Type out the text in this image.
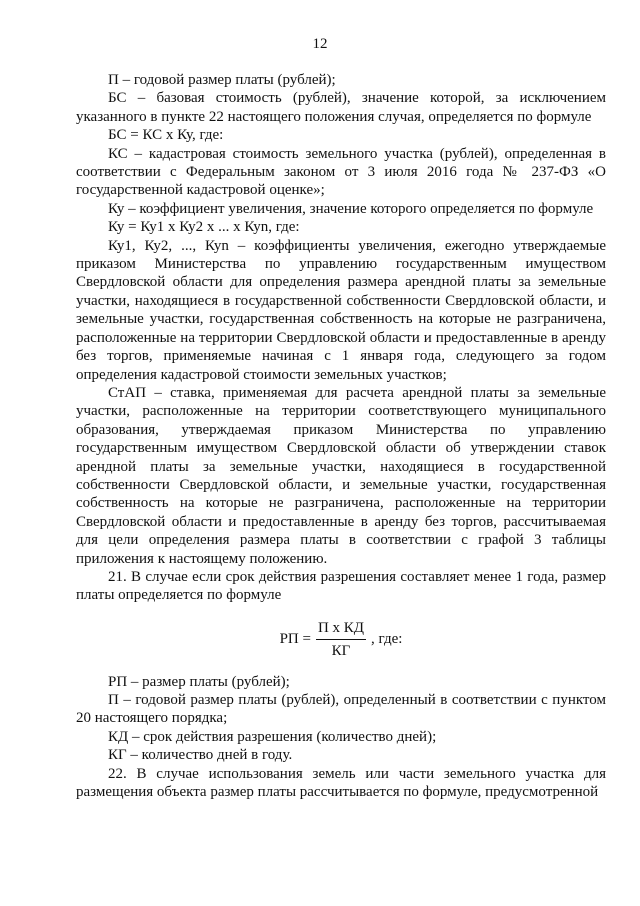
12

П – годовой размер платы (рублей);

БС – базовая стоимость (рублей), значение которой, за исключением указанного в пункте 22 настоящего положения случая, определяется по формуле

БС = КС х Ку, где:

КС – кадастровая стоимость земельного участка (рублей), определенная в соответствии с Федеральным законом от 3 июля 2016 года № 237-ФЗ «О государственной кадастровой оценке»;

Ку – коэффициент увеличения, значение которого определяется по формуле

Ку = Ку1 х Ку2 х ... х Куn, где:

Ку1, Ку2, ..., Куn – коэффициенты увеличения, ежегодно утверждаемые приказом Министерства по управлению государственным имуществом Свердловской области для определения размера арендной платы за земельные участки, находящиеся в государственной собственности Свердловской области, и земельные участки, государственная собственность на которые не разграничена, расположенные на территории Свердловской области и предоставленные в аренду без торгов, применяемые начиная с 1 января года, следующего за годом определения кадастровой стоимости земельных участков;

СтАП – ставка, применяемая для расчета арендной платы за земельные участки, расположенные на территории соответствующего муниципального образования, утверждаемая приказом Министерства по управлению государственным имуществом Свердловской области об утверждении ставок арендной платы за земельные участки, находящиеся в государственной собственности Свердловской области, и земельные участки, государственная собственность на которые не разграничена, расположенные на территории Свердловской области и предоставленные в аренду без торгов, рассчитываемая для цели определения размера платы в соответствии с графой 3 таблицы приложения к настоящему положению.

21. В случае если срок действия разрешения составляет менее 1 года, размер платы определяется по формуле

РП = $\frac{\text{П х КД}}{КГ}$ , где:

РП – размер платы (рублей);

П – годовой размер платы (рублей), определенный в соответствии с пунктом 20 настоящего порядка;

КД – срок действия разрешения (количество дней);

КГ – количество дней в году.

22. В случае использования земель или части земельного участка для размещения объекта размер платы рассчитывается по формуле, предусмотренной
